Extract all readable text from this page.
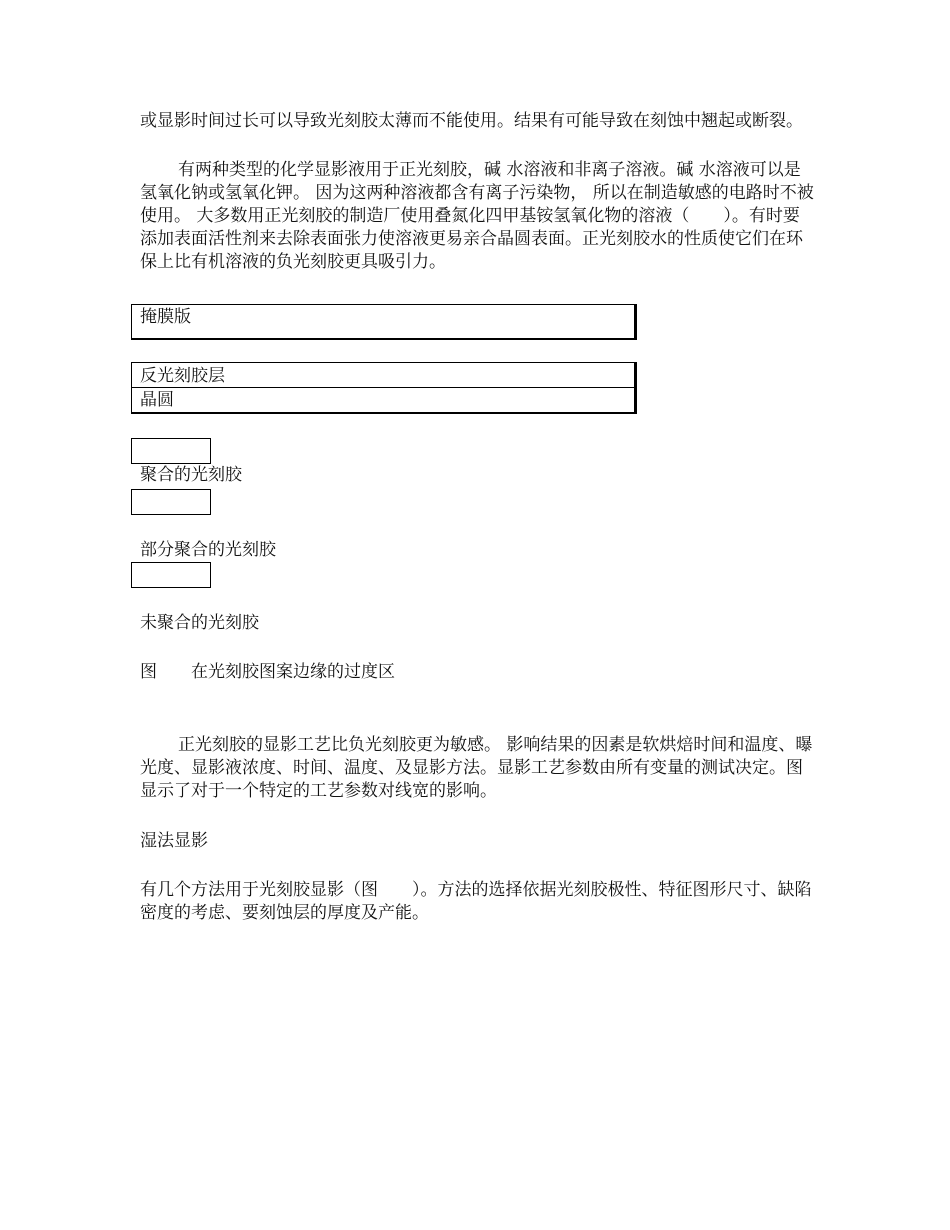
或显影时间过长可以导致光刻胶太薄而不能使用。结果有可能导致在刻蚀中翘起或断裂。
有两种类型的化学显影液用于正光刻胶，碱 水溶液和非离子溶液。碱 水溶液可以是氢氧化钠或氢氧化钾。 因为这两种溶液都含有离子污染物， 所以在制造敏感的电路时不被使用。 大多数用正光刻胶的制造厂使用叠氮化四甲基铵氢氧化物的溶液（　　）。有时要添加表面活性剂来去除表面张力使溶液更易亲合晶圆表面。正光刻胶水的性质使它们在环保上比有机溶液的负光刻胶更具吸引力。
掩膜版
反光刻胶层
晶圆
聚合的光刻胶
部分聚合的光刻胶
未聚合的光刻胶
图　　在光刻胶图案边缘的过度区
正光刻胶的显影工艺比负光刻胶更为敏感。 影响结果的因素是软烘焙时间和温度、曝光度、显影液浓度、时间、温度、及显影方法。显影工艺参数由所有变量的测试决定。图　　显示了对于一个特定的工艺参数对线宽的影响。
湿法显影
有几个方法用于光刻胶显影（图　　）。方法的选择依据光刻胶极性、特征图形尺寸、缺陷密度的考虑、要刻蚀层的厚度及产能。
